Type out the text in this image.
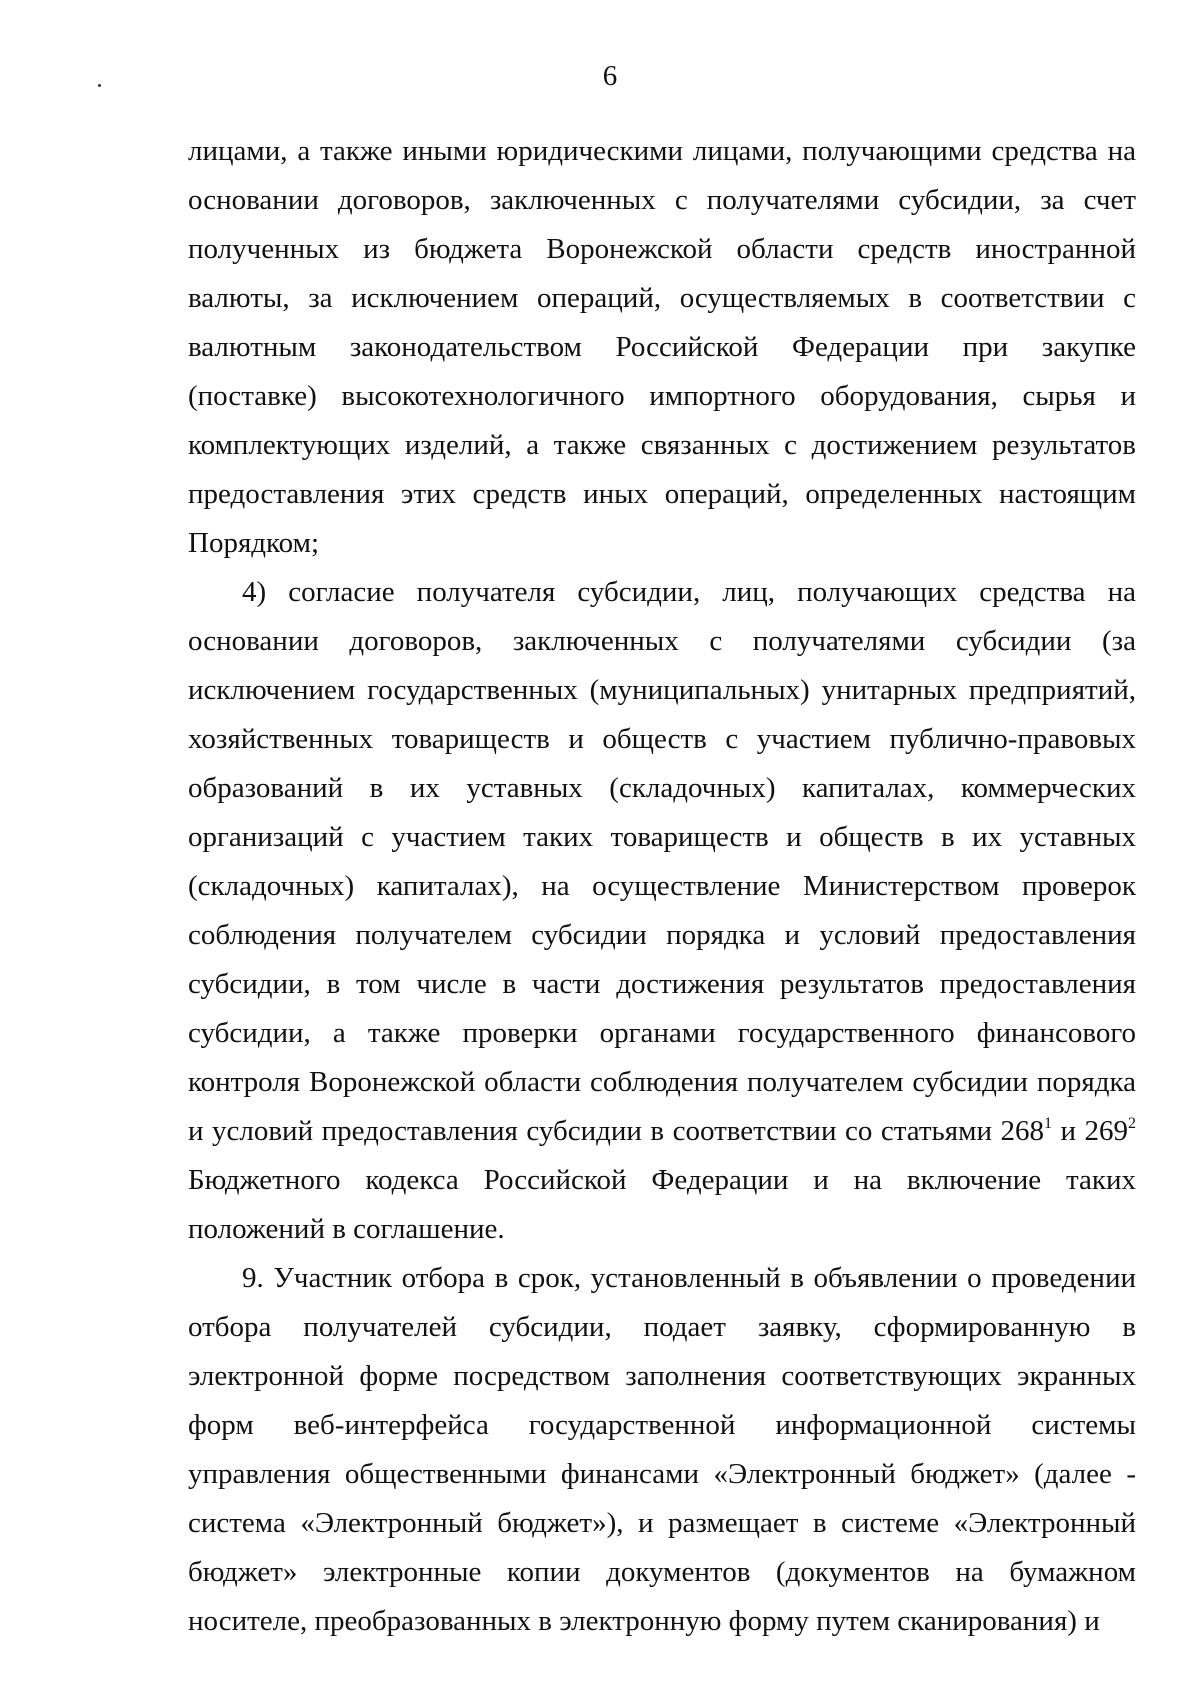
6

лицами, а также иными юридическими лицами, получающими средства на основании договоров, заключенных с получателями субсидии, за счет полученных из бюджета Воронежской области средств иностранной валюты, за исключением операций, осуществляемых в соответствии с валютным законодательством Российской Федерации при закупке (поставке) высокотехнологичного импортного оборудования, сырья и комплектующих изделий, а также связанных с достижением результатов предоставления этих средств иных операций, определенных настоящим Порядком;

4) согласие получателя субсидии, лиц, получающих средства на основании договоров, заключенных с получателями субсидии (за исключением государственных (муниципальных) унитарных предприятий, хозяйственных товариществ и обществ с участием публично-правовых образований в их уставных (складочных) капиталах, коммерческих организаций с участием таких товариществ и обществ в их уставных (складочных) капиталах), на осуществление Министерством проверок соблюдения получателем субсидии порядка и условий предоставления субсидии, в том числе в части достижения результатов предоставления субсидии, а также проверки органами государственного финансового контроля Воронежской области соблюдения получателем субсидии порядка и условий предоставления субсидии в соответствии со статьями $268^1$ и $269^2$ Бюджетного кодекса Российской Федерации и на включение таких положений в соглашение.

9. Участник отбора в срок, установленный в объявлении о проведении отбора получателей субсидии, подает заявку, сформированную в электронной форме посредством заполнения соответствующих экранных форм веб-интерфейса государственной информационной системы управления общественными финансами «Электронный бюджет» (далее - система «Электронный бюджет»), и размещает в системе «Электронный бюджет» электронные копии документов (документов на бумажном носителе, преобразованных в электронную форму путем сканирования) и
